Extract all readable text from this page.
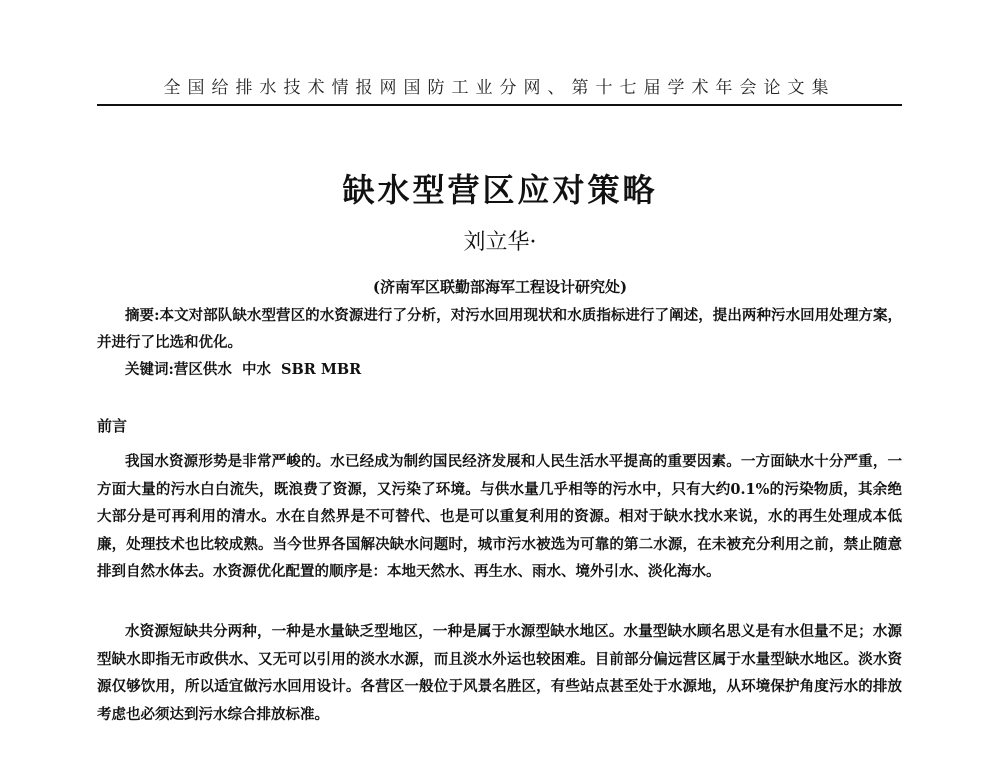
全国给排水技术情报网国防工业分网、第十七届学术年会论文集
缺水型营区应对策略
刘立华·
(济南军区联勤部海军工程设计研究处)

摘要:本文对部队缺水型营区的水资源进行了分析，对污水回用现状和水质指标进行了阐述，提出两种污水回用处理方案，并进行了比选和优化。

关键词:营区供水  中水  SBR MBR

前言

我国水资源形势是非常严峻的。水已经成为制约国民经济发展和人民生活水平提高的重要因素。一方面缺水十分严重，一方面大量的污水白白流失，既浪费了资源，又污染了环境。与供水量几乎相等的污水中，只有大约0.1%的污染物质，其余绝大部分是可再利用的清水。水在自然界是不可替代、也是可以重复利用的资源。相对于缺水找水来说，水的再生处理成本低廉，处理技术也比较成熟。当今世界各国解决缺水问题时，城市污水被选为可靠的第二水源，在未被充分利用之前，禁止随意排到自然水体去。水资源优化配置的顺序是：本地天然水、再生水、雨水、境外引水、淡化海水。

水资源短缺共分两种，一种是水量缺乏型地区，一种是属于水源型缺水地区。水量型缺水顾名思义是有水但量不足；水源型缺水即指无市政供水、又无可以引用的淡水水源，而且淡水外运也较困难。目前部分偏远营区属于水量型缺水地区。淡水资源仅够饮用，所以适宜做污水回用设计。各营区一般位于风景名胜区，有些站点甚至处于水源地，从环境保护角度污水的排放考虑也必须达到污水综合排放标准。
